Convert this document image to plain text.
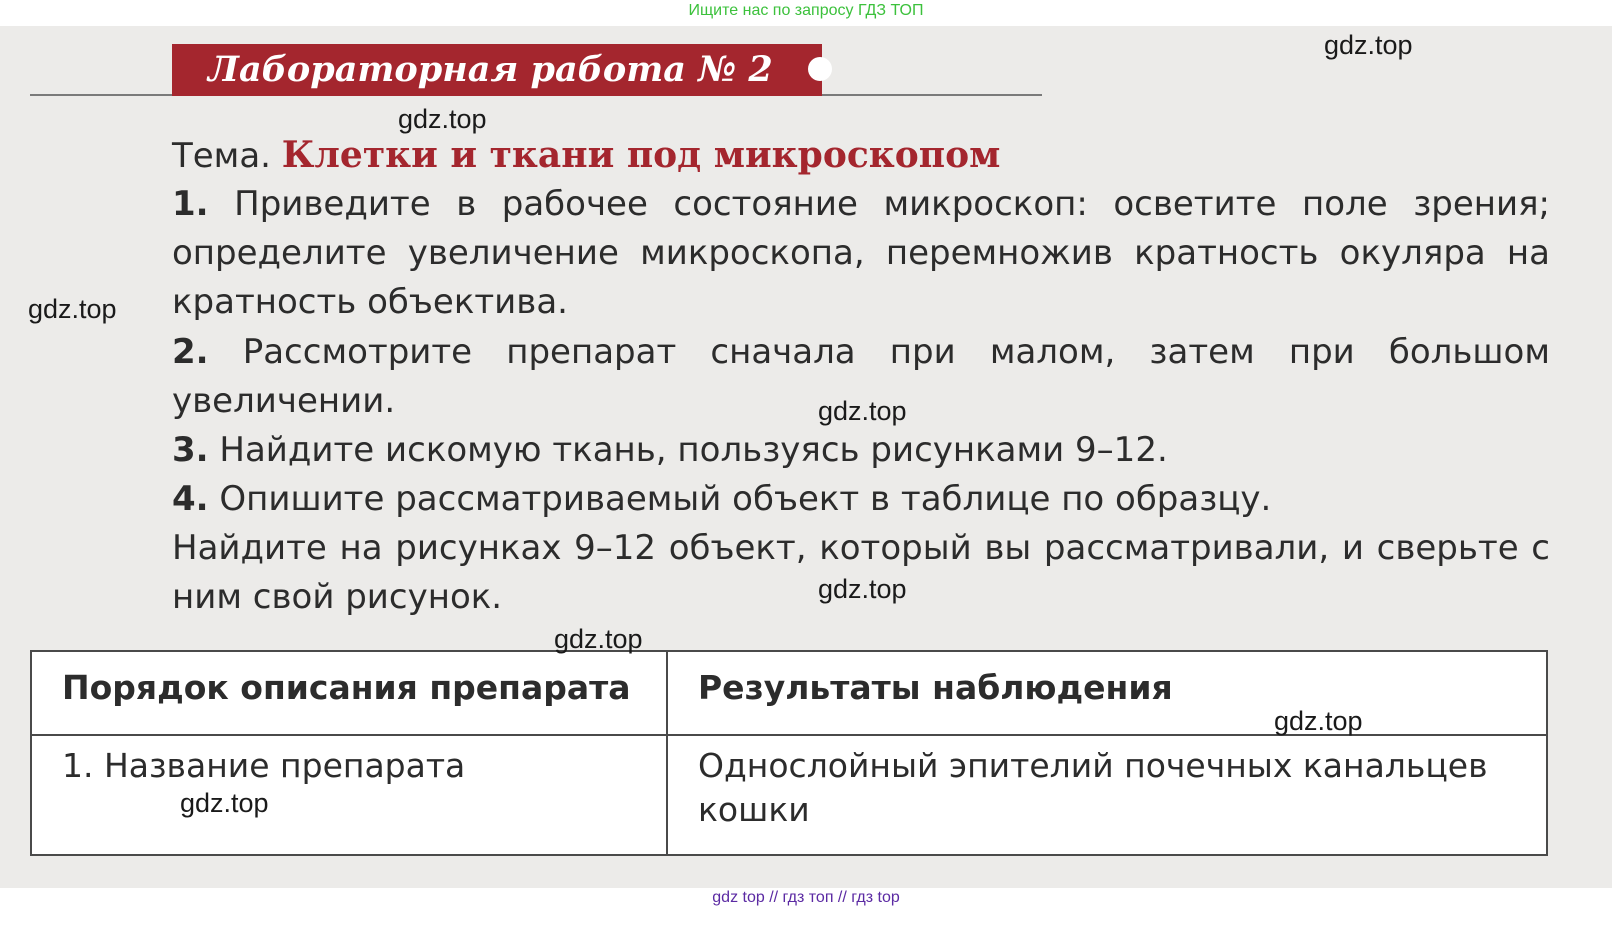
Ищите нас по запросу ГДЗ ТОП
Лабораторная работа № 2
Тема. Клетки и ткани под микроскопом
1. Приведите в рабочее состояние микроскоп: осветите поле зрения; определите увеличение микроскопа, перемножив кратность окуляра на кратность объектива.
2. Рассмотрите препарат сначала при малом, затем при большом увеличении.
3. Найдите искомую ткань, пользуясь рисунками 9–12.
4. Опишите рассматриваемый объект в таблице по образцу.
Найдите на рисунках 9–12 объект, который вы рассматривали, и сверьте с ним свой рисунок.
Порядок описания препарата	Результаты наблюдения
1. Название препарата	Однослойный эпителий почечных канальцев кошки
gdz.top
gdz.top
gdz.top
gdz.top
gdz.top
gdz.top
gdz.top
gdz.top
gdz top // гдз топ // гдз top
